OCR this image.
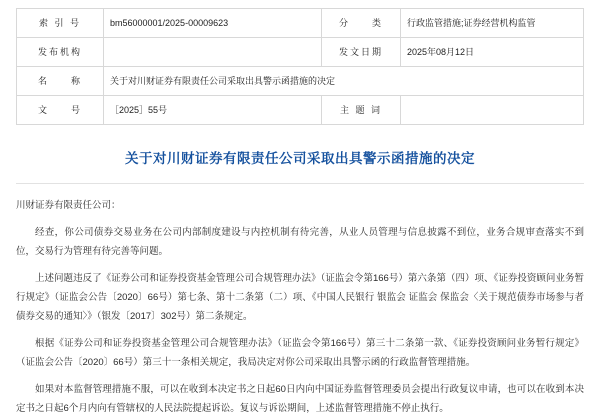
索 引 号	bm56000001/2025-00009623	分　　类	行政监管措施;证券经营机构监管
发布机构		发文日期	2025年08月12日
名　　称	关于对川财证券有限责任公司采取出具警示函措施的决定		
文　　号	［2025］55号	主 题 词	
关于对川财证券有限责任公司采取出具警示函措施的决定

川财证券有限责任公司：

经查，你公司债券交易业务在公司内部制度建设与内控机制有待完善，从业人员管理与信息披露不到位，业务合规审查落实不到位，交易行为管理有待完善等问题。

上述问题违反了《证券公司和证券投资基金管理公司合规管理办法》（证监会令第166号）第六条第（四）项、《证券投资顾问业务暂行规定》（证监会公告〔2020〕66号）第七条、第十二条第（二）项、《中国人民银行 银监会 证监会 保监会〈关于规范债券市场参与者债券交易的通知〉》（银发〔2017〕302号）第二条规定。

根据《证券公司和证券投资基金管理公司合规管理办法》（证监会令第166号）第三十二条第一款、《证券投资顾问业务暂行规定》（证监会公告〔2020〕66号）第三十一条相关规定，我局决定对你公司采取出具警示函的行政监督管理措施。

如果对本监督管理措施不服，可以在收到本决定书之日起60日内向中国证券监督管理委员会提出行政复议申请，也可以在收到本决定书之日起6个月内向有管辖权的人民法院提起诉讼。复议与诉讼期间，上述监督管理措施不停止执行。
